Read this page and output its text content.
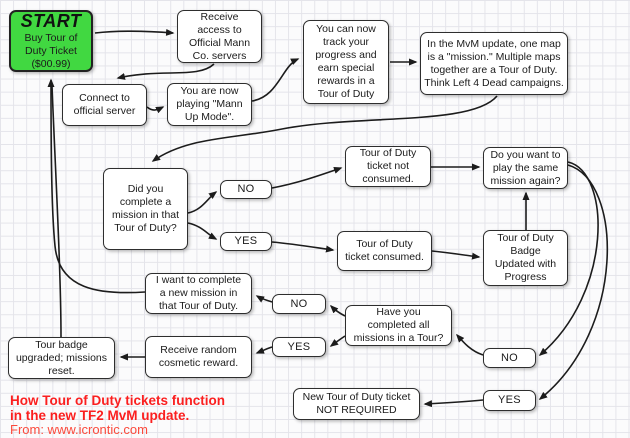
START
Buy Tour of
Duty Ticket
($00.99)
Receive
access to
Official Mann
Co. servers
Connect to
official server
You are now
playing "Mann
Up Mode".
You can now
track your
progress and
earn special
rewards in a
Tour of Duty
In the MvM update, one map
is a "mission." Multiple maps
together are a Tour of Duty.
Think Left 4 Dead campaigns.
Did you
complete a
mission in that
Tour of Duty?
NO
YES
Tour of Duty
ticket not
consumed.
Tour of Duty
ticket consumed.
Do you want to
play the same
mission again?
Tour of Duty
Badge
Updated with
Progress
I want to complete
a new mission in
that Tour of Duty.	NO
YES
Have you
completed all
missions in a Tour?
Receive random
cosmetic reward.
Tour badge
upgraded; missions
reset.
NO
YES
New Tour of Duty ticket
NOT REQUIRED
How Tour of Duty tickets function
in the new TF2 MvM update.
From: www.icrontic.com
